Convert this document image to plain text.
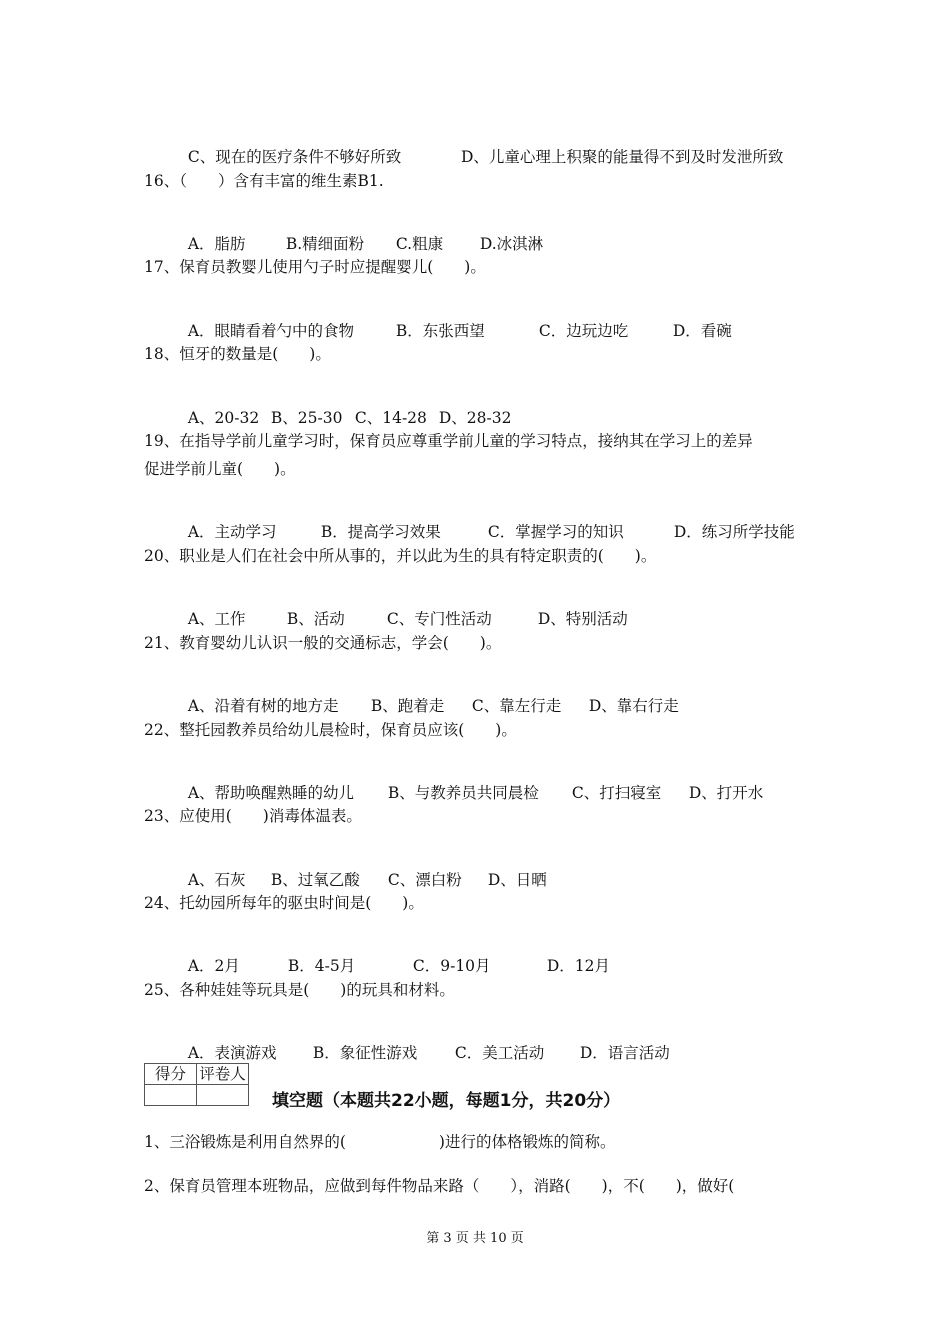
C、现在的医疗条件不够好所致	D、儿童心理上积聚的能量得不到及时发泄所致

16、（　　）含有丰富的维生素B1.

A．脂肪	B.精细面粉 C.粗康 D.冰淇淋

17、保育员教婴儿使用勺子时应提醒婴儿(　　)。

A．眼睛看着勺中的食物	B．东张西望	C．边玩边吃	D．看碗

18、恒牙的数量是(　　)。

A、20-32 B、25-30 C、14-28 D、28-32

19、在指导学前儿童学习时，保育员应尊重学前儿童的学习特点，接纳其在学习上的差异
促进学前儿童(　　)。

A．主动学习	B．提高学习效果	C．掌握学习的知识	D．练习所学技能

20、职业是人们在社会中所从事的，并以此为生的具有特定职责的(　　)。

A、工作	B、活动	C、专门性活动	D、特别活动

21、教育婴幼儿认识一般的交通标志，学会(　　)。

A、沿着有树的地方走 B、跑着走 C、靠左行走 D、靠右行走

22、整托园教养员给幼儿晨检时，保育员应该(　　)。

A、帮助唤醒熟睡的幼儿 B、与教养员共同晨检 C、打扫寝室 D、打开水

23、应使用(　　)消毒体温表。

A、石灰 B、过氧乙酸 C、漂白粉 D、日晒

24、托幼园所每年的驱虫时间是(　　)。

A．2月	B．4-5月	C．9-10月	D．12月

25、各种娃娃等玩具是(　　)的玩具和材料。

A．表演游戏 B．象征性游戏 C．美工活动 D．语言活动

得分	评卷人

填空题（本题共22小题，每题1分，共20分）
1、三浴锻炼是利用自然界的(　　　　　　)进行的体格锻炼的简称。
2、保育员管理本班物品，应做到每件物品来路（　　），消路(　　)，不(　　)，做好(
第 3 页 共 10 页
